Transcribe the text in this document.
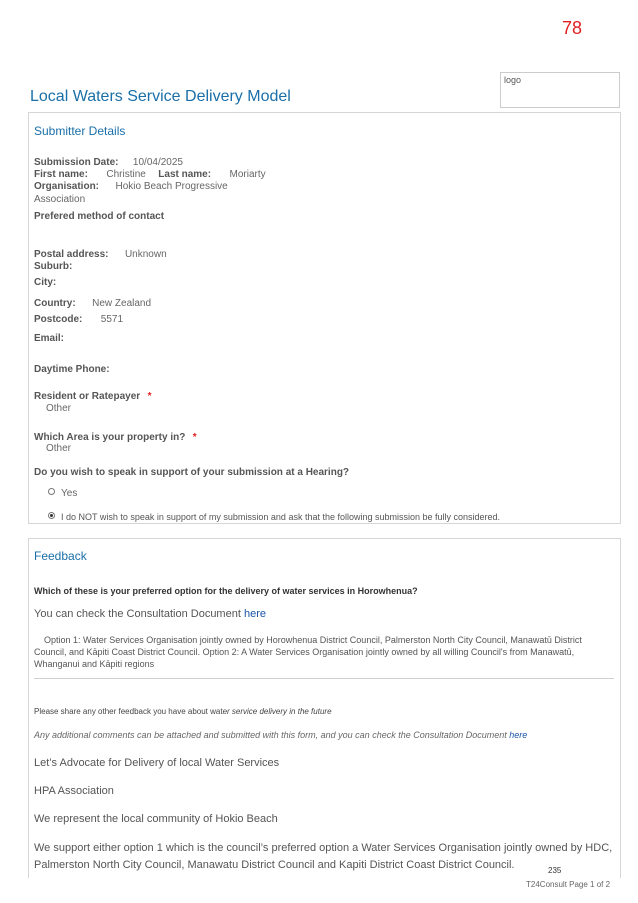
78
logo
Local Waters Service Delivery Model
Submitter Details
Submission Date: 10/04/2025
First name: Christine Last name: Moriarty
Organisation: Hokio Beach Progressive
Association
Prefered method of contact
Postal address: Unknown
Suburb:
City:
Country: New Zealand
Postcode: 5571
Email:
Daytime Phone:
Resident or Ratepayer *
Other
Which Area is your property in? *
Other
Do you wish to speak in support of your submission at a Hearing?
Yes
I do NOT wish to speak in support of my submission and ask that the following submission be fully considered.
Feedback
Which of these is your preferred option for the delivery of water services in Horowhenua?
You can check the Consultation Document here
Option 1: Water Services Organisation jointly owned by Horowhenua District Council, Palmerston North City Council, Manawatū District
Council, and Kāpiti Coast District Council. Option 2: A Water Services Organisation jointly owned by all willing Council's from Manawatū,
Whanganui and Kāpiti regions
Please share any other feedback you have about water service delivery in the future
Any additional comments can be attached and submitted with this form, and you can check the Consultation Document here
Let’s Advocate for Delivery of local Water Services
HPA Association
We represent the local community of Hokio Beach
We support either option 1 which is the council’s preferred option a Water Services Organisation jointly owned by HDC,
Palmerston North City Council, Manawatu District Council and Kapiti District Coast District Council.	235
T24Consult Page 1 of 2
